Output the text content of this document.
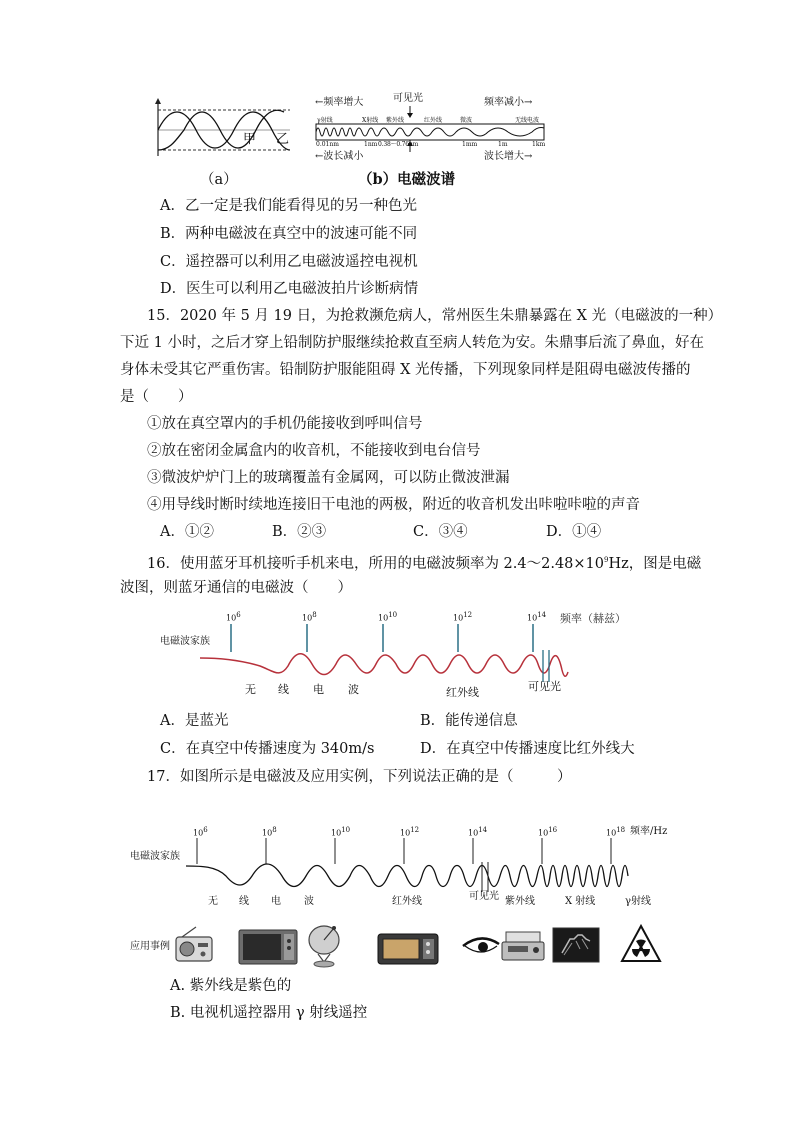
甲 乙
（a）
←频率增大	可见光	频率减小→
γ射线	X射线 紫外线	红外线	微波	无线电波
0.01nm	1nm 0.38～0.76μm	1mm	1m	1km
←波长减小	波长增大→
（b）电磁波谱
A．乙一定是我们能看得见的另一种色光
B．两种电磁波在真空中的波速可能不同
C．遥控器可以利用乙电磁波遥控电视机
D．医生可以利用乙电磁波拍片诊断病情
15．2020 年 5 月 19 日，为抢救濒危病人，常州医生朱鼎暴露在 X 光（电磁波的一种）
下近 1 小时，之后才穿上铅制防护服继续抢救直至病人转危为安。朱鼎事后流了鼻血，好在
身体未受其它严重伤害。铅制防护服能阻碍 X 光传播，下列现象同样是阻碍电磁波传播的
是（　　）
①放在真空罩内的手机仍能接收到呼叫信号
②放在密闭金属盒内的收音机，不能接收到电台信号
③微波炉炉门上的玻璃覆盖有金属网，可以防止微波泄漏
④用导线时断时续地连接旧干电池的两极，附近的收音机发出咔啦咔啦的声音
A．①②	B．②③	C．③④	D．①④
16．使用蓝牙耳机接听手机来电，所用的电磁波频率为 $2.4\sim 2.48\times 10^9Hz$，图是电磁
波图，则蓝牙通信的电磁波（　　）
106	108	1010	1012	1014 频率（赫兹）
电磁波家族
无 线 电 波	红外线	可见光
A．是蓝光	B．能传递信息
C．在真空中传播速度为 340m/s	D．在真空中传播速度比红外线大
17．如图所示是电磁波及应用实例，下列说法正确的是（　　　）
106	108	1010	1012	1014	1016	1018 频率/Hz
电磁波家族
无 线 电 波	红外线	可见光 紫外线	X 射线	γ射线
应用事例
A. 紫外线是紫色的
B. 电视机遥控器用 γ 射线遥控
